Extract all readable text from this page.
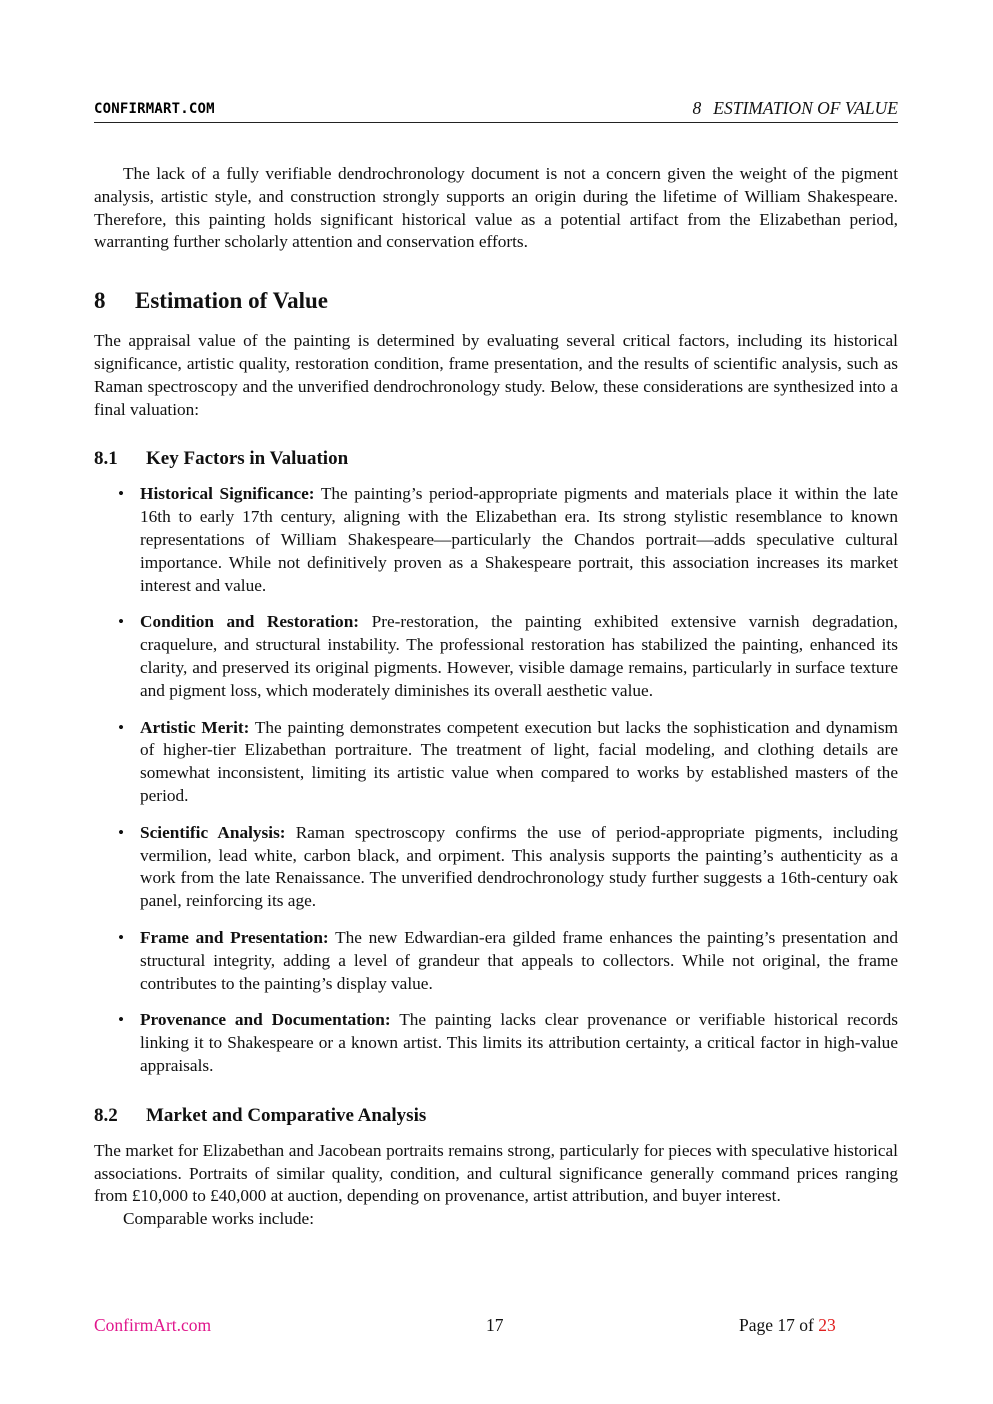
CONFIRMART.COM	8 ESTIMATION OF VALUE

The lack of a fully verifiable dendrochronology document is not a concern given the weight of the pigment analysis, artistic style, and construction strongly supports an origin during the lifetime of William Shakespeare. Therefore, this painting holds significant historical value as a potential artifact from the Elizabethan period, warranting further scholarly attention and conservation efforts.

8 Estimation of Value

The appraisal value of the painting is determined by evaluating several critical factors, including its historical significance, artistic quality, restoration condition, frame presentation, and the results of scientific analysis, such as Raman spectroscopy and the unverified dendrochronology study. Below, these considerations are synthesized into a final valuation:

8.1 Key Factors in Valuation
• Historical Significance: The painting’s period-appropriate pigments and materials place it within the late 16th to early 17th century, aligning with the Elizabethan era. Its strong stylistic resemblance to known representations of William Shakespeare—particularly the Chandos portrait—adds speculative cultural importance. While not definitively proven as a Shakespeare portrait, this association increases its market interest and value.
• Condition and Restoration: Pre-restoration, the painting exhibited extensive varnish degradation, craquelure, and structural instability. The professional restoration has stabilized the painting, enhanced its clarity, and preserved its original pigments. However, visible damage remains, particularly in surface texture and pigment loss, which moderately diminishes its overall aesthetic value.
• Artistic Merit: The painting demonstrates competent execution but lacks the sophistication and dynamism of higher-tier Elizabethan portraiture. The treatment of light, facial modeling, and clothing details are somewhat inconsistent, limiting its artistic value when compared to works by established masters of the period.
• Scientific Analysis: Raman spectroscopy confirms the use of period-appropriate pigments, including vermilion, lead white, carbon black, and orpiment. This analysis supports the painting’s authenticity as a work from the late Renaissance. The unverified dendrochronology study further suggests a 16th-century oak panel, reinforcing its age.
• Frame and Presentation: The new Edwardian-era gilded frame enhances the painting’s presentation and structural integrity, adding a level of grandeur that appeals to collectors. While not original, the frame contributes to the painting’s display value.
• Provenance and Documentation: The painting lacks clear provenance or verifiable historical records linking it to Shakespeare or a known artist. This limits its attribution certainty, a critical factor in high-value appraisals.
8.2 Market and Comparative Analysis

The market for Elizabethan and Jacobean portraits remains strong, particularly for pieces with speculative historical associations. Portraits of similar quality, condition, and cultural significance generally command prices ranging from £10,000 to £40,000 at auction, depending on provenance, artist attribution, and buyer interest.

Comparable works include:

ConfirmArt.com	17	Page 17 of 23
